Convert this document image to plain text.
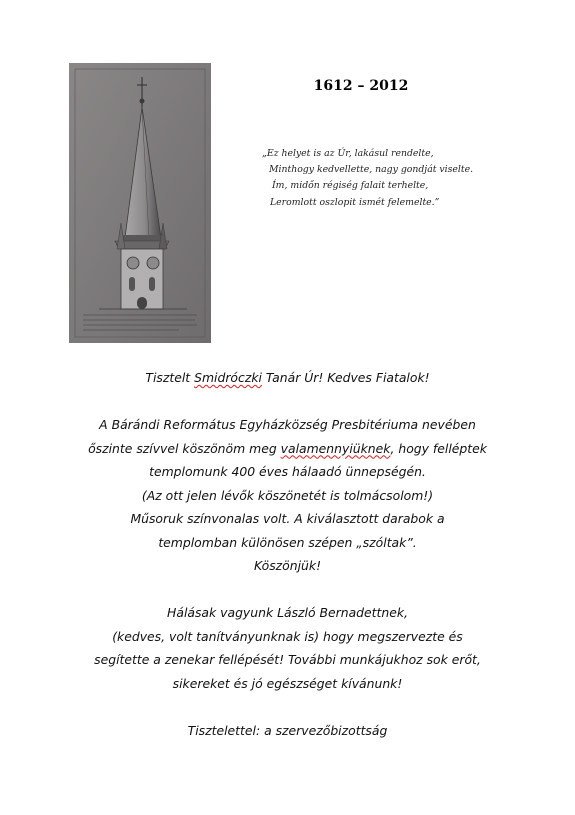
1612 – 2012
„Ez helyet is az Úr, lakásul rendelte,
Minthogy kedvellette, nagy gondját viselte.
Ím, midőn régiség falait terhelte,
Leromlott oszlopit ismét felemelte.”
Tisztelt Smidróczki Tanár Úr! Kedves Fiatalok!
A Bárándi Református Egyházközség Presbitériuma nevében
őszinte szívvel köszönöm meg valamennyiüknek, hogy felléptek
templomunk 400 éves hálaadó ünnepségén.
(Az ott jelen lévők köszönetét is tolmácsolom!)
Műsoruk színvonalas volt. A kiválasztott darabok a
templomban különösen szépen „szóltak”.
Köszönjük!
Hálásak vagyunk László Bernadettnek,
(kedves, volt tanítványunknak is) hogy megszervezte és
segítette a zenekar fellépését! További munkájukhoz sok erőt,
sikereket és jó egészséget kívánunk!
Tisztelettel: a szervezőbizottság
